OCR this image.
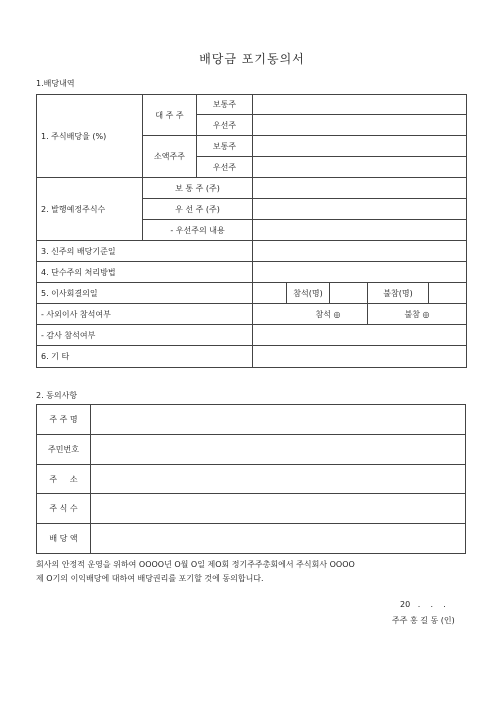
배당금 포기동의서
1.배당내역
1. 주식배당율 (%)	대 주 주	보통주					
		우선주					
	소액주주	보통주					
		우선주					
2. 발행예정주식수	보 통 주 (주)						
	우 선 주 (주)						
	- 우선주의 내용						
3. 신주의 배당기준일							
4. 단수주의 처리방법							
5. 이사회결의일				참석(명)		불참(명)	
- 사외이사 참석여부			참석 ◎			불참 ◎	
- 감사 참석여부							
6. 기 타							
2. 동의사항
주 주 명	
주민번호	
주     소	
주 식 수	
배 당 액	
회사의 안정적 운영을 위하여 OOOO년 O월 O일 제O회 정기주주총회에서 주식회사 OOOO
제 O기의 이익배당에 대하여 배당권리를 포기할 것에 동의합니다.
20   .    .    .
주주 홍 길 동 (인)
